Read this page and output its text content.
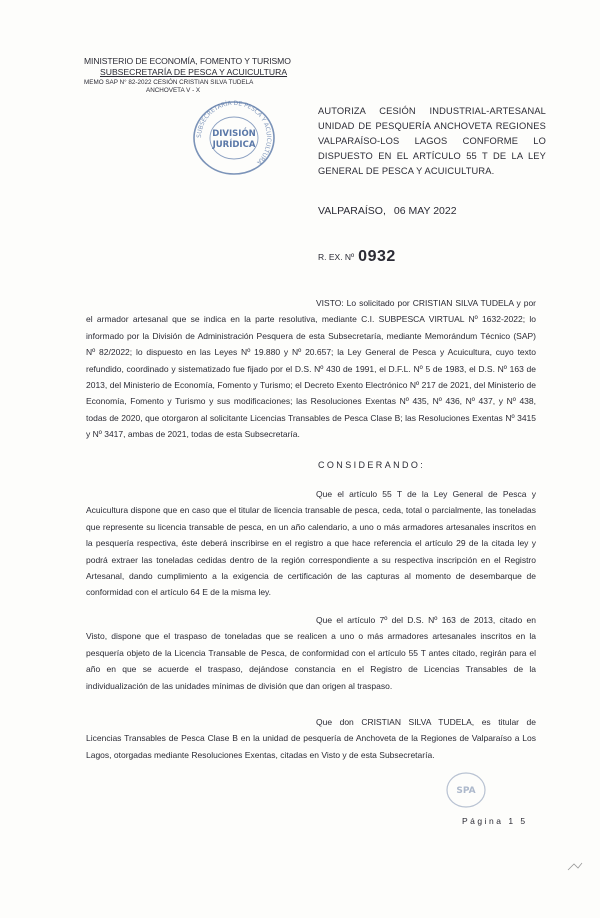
MINISTERIO DE ECONOMÍA, FOMENTO Y TURISMO
SUBSECRETARÍA DE PESCA Y ACUICULTURA
MEMO SAP N° 82-2022 CESIÓN CRISTIAN SILVA TUDELA
ANCHOVETA V - X
SUBSECRETARÍA DE PESCA Y ACUICULTURA
DIVISIÓN
JURÍDICA
AUTORIZA CESIÓN INDUSTRIAL-ARTESANAL UNIDAD DE PESQUERÍA ANCHOVETA REGIONES VALPARAÍSO-LOS LAGOS CONFORME LO DISPUESTO EN EL ARTÍCULO 55 T DE LA LEY GENERAL DE PESCA Y ACUICULTURA.
VALPARAÍSO, 06 MAY 2022
R. EX. Nº 0932
VISTO: Lo solicitado por CRISTIAN SILVA TUDELA y por el armador artesanal que se indica en la parte resolutiva, mediante C.I. SUBPESCA VIRTUAL Nº 1632-2022; lo informado por la División de Administración Pesquera de esta Subsecretaría, mediante Memorándum Técnico (SAP) Nº 82/2022; lo dispuesto en las Leyes Nº 19.880 y Nº 20.657; la Ley General de Pesca y Acuicultura, cuyo texto refundido, coordinado y sistematizado fue fijado por el D.S. Nº 430 de 1991, el D.F.L. Nº 5 de 1983, el D.S. Nº 163 de 2013, del Ministerio de Economía, Fomento y Turismo; el Decreto Exento Electrónico Nº 217 de 2021, del Ministerio de Economía, Fomento y Turismo y sus modificaciones; las Resoluciones Exentas Nº 435, Nº 436, Nº 437, y Nº 438, todas de 2020, que otorgaron al solicitante Licencias Transables de Pesca Clase B; las Resoluciones Exentas Nº 3415 y Nº 3417, ambas de 2021, todas de esta Subsecretaría.
CONSIDERANDO:
Que el artículo 55 T de la Ley General de Pesca y Acuicultura dispone que en caso que el titular de licencia transable de pesca, ceda, total o parcialmente, las toneladas que represente su licencia transable de pesca, en un año calendario, a uno o más armadores artesanales inscritos en la pesquería respectiva, éste deberá inscribirse en el registro a que hace referencia el artículo 29 de la citada ley y podrá extraer las toneladas cedidas dentro de la región correspondiente a su respectiva inscripción en el Registro Artesanal, dando cumplimiento a la exigencia de certificación de las capturas al momento de desembarque de conformidad con el artículo 64 E de la misma ley.
Que el artículo 7º del D.S. Nº 163 de 2013, citado en Visto, dispone que el traspaso de toneladas que se realicen a uno o más armadores artesanales inscritos en la pesquería objeto de la Licencia Transable de Pesca, de conformidad con el artículo 55 T antes citado, regirán para el año en que se acuerde el traspaso, dejándose constancia en el Registro de Licencias Transables de la individualización de las unidades mínimas de división que dan origen al traspaso.
Que don CRISTIAN SILVA TUDELA, es titular de Licencias Transables de Pesca Clase B en la unidad de pesquería de Anchoveta de la Regiones de Valparaíso a Los Lagos, otorgadas mediante Resoluciones Exentas, citadas en Visto y de esta Subsecretaría.
SPA
Página 1 5
